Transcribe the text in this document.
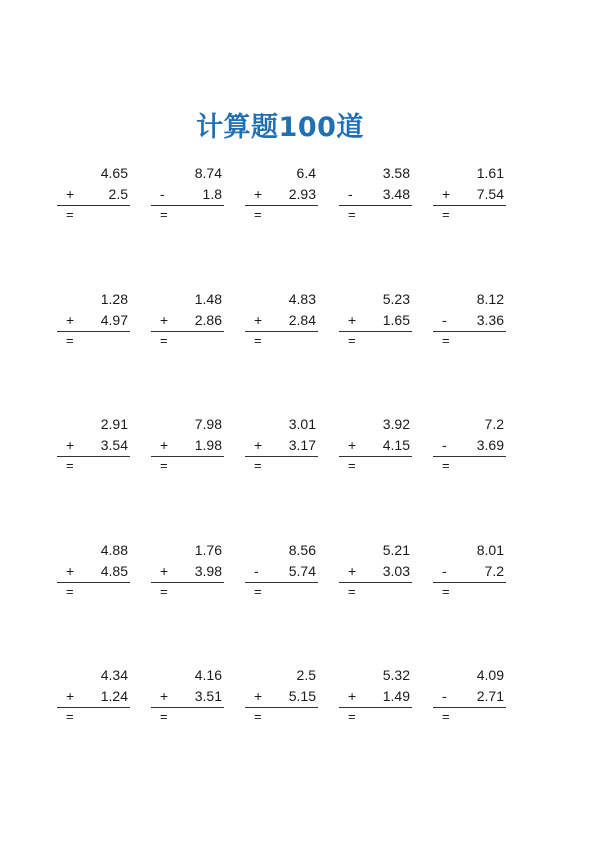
计算题100道
4.65
+ 2.5
=
8.74
-	1.8
=
6.4
+ 2.93
=
3.58
- 3.48
=
1.61
+ 7.54
=
1.28
+ 4.97
=
1.48
+ 2.86
=
4.83
+ 2.84
=
5.23
+ 1.65
=
8.12
- 3.36
=
2.91
+ 3.54
=
7.98
+ 1.98
=
3.01
+ 3.17
=
3.92
+ 4.15
=
7.2
- 3.69
=
4.88
+ 4.85
=
1.76
+ 3.98
=
8.56
- 5.74
=
5.21
+ 3.03
=
8.01
-	7.2
=
4.34
+ 1.24
=
4.16
+ 3.51
=
2.5
+ 5.15
=
5.32
+ 1.49
=
4.09
- 2.71
=
